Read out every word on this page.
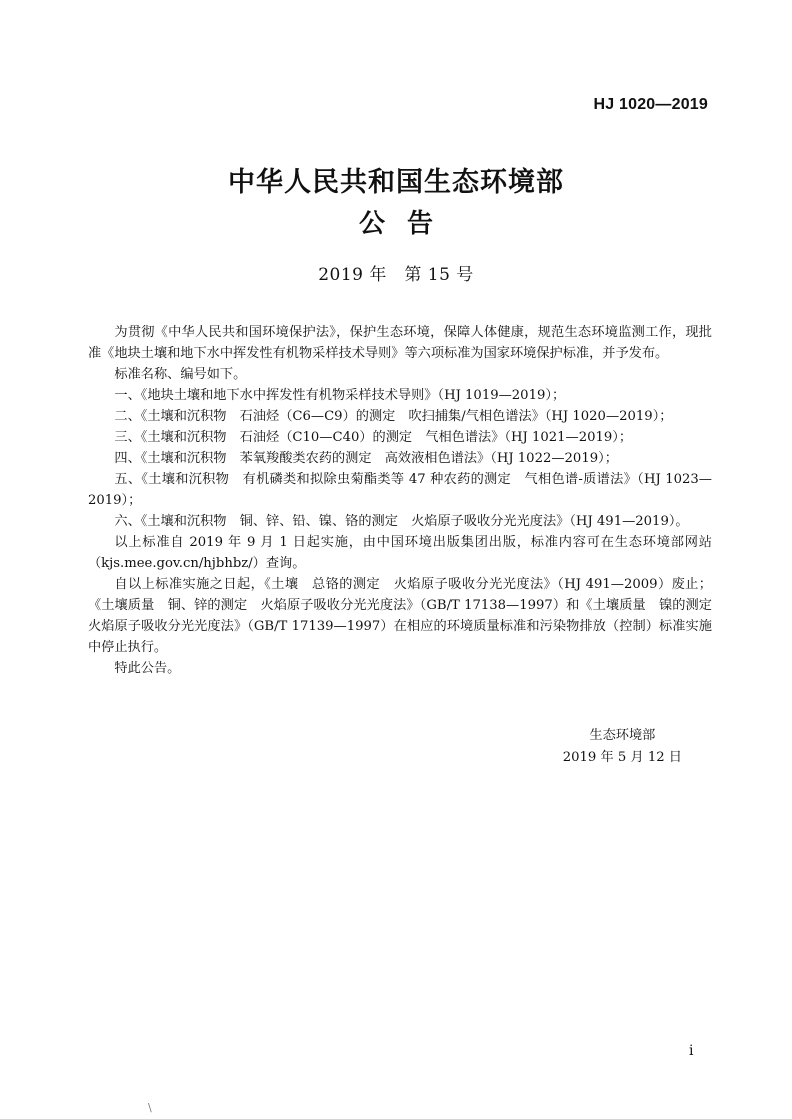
HJ 1020—2019
中华人民共和国生态环境部
公告
2019 年　第 15 号

为贯彻《中华人民共和国环境保护法》，保护生态环境，保障人体健康，规范生态环境监测工作，现批准《地块土壤和地下水中挥发性有机物采样技术导则》等六项标准为国家环境保护标准，并予发布。

标准名称、编号如下。

一、《地块土壤和地下水中挥发性有机物采样技术导则》（HJ 1019—2019）；

二、《土壤和沉积物　石油烃（C6—C9）的测定　吹扫捕集/气相色谱法》（HJ 1020—2019）；

三、《土壤和沉积物　石油烃（C10—C40）的测定　气相色谱法》（HJ 1021—2019）；

四、《土壤和沉积物　苯氧羧酸类农药的测定　高效液相色谱法》（HJ 1022—2019）；

五、《土壤和沉积物　有机磷类和拟除虫菊酯类等 47 种农药的测定　气相色谱-质谱法》（HJ 1023—2019）；

六、《土壤和沉积物　铜、锌、铅、镍、铬的测定　火焰原子吸收分光光度法》（HJ 491—2019）。

以上标准自 2019 年 9 月 1 日起实施，由中国环境出版集团出版，标准内容可在生态环境部网站（kjs.mee.gov.cn/hjbhbz/）查询。

自以上标准实施之日起，《土壤　总铬的测定　火焰原子吸收分光光度法》（HJ 491—2009）废止；《土壤质量　铜、锌的测定　火焰原子吸收分光光度法》（GB/T 17138—1997）和《土壤质量　镍的测定　火焰原子吸收分光光度法》（GB/T 17139—1997）在相应的环境质量标准和污染物排放（控制）标准实施中停止执行。

特此公告。

生态环境部
2019 年 5 月 12 日
i
\
